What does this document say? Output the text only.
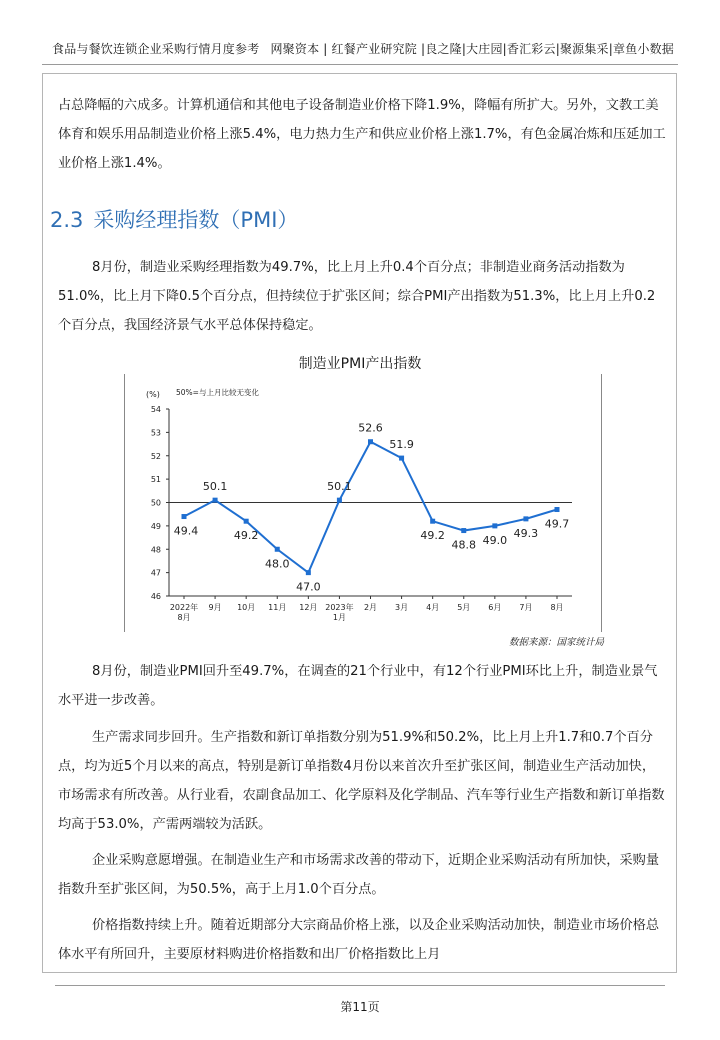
食品与餐饮连锁企业采购行情月度参考 网聚资本 | 红餐产业研究院 |良之隆|大庄园|香汇彩云|聚源集采|章鱼小数据

占总降幅的六成多。计算机通信和其他电子设备制造业价格下降1.9%，降幅有所扩大。另外，文教工美体育和娱乐用品制造业价格上涨5.4%，电力热力生产和供应业价格上涨1.7%，有色金属冶炼和压延加工业价格上涨1.4%。

2.3 采购经理指数（PMI）

8月份，制造业采购经理指数为49.7%，比上月上升0.4个百分点；非制造业商务活动指数为51.0%，比上月下降0.5个百分点，但持续位于扩张区间；综合PMI产出指数为51.3%，比上月上升0.2个百分点，我国经济景气水平总体保持稳定。

制造业PMI产出指数
(%) 50%=与上月比较无变化
46
47
48
49
50
51
52
53
54
2022年
8月
9月 10月 11月 12月 2023年
1月
2月 3月 4月 5月 6月 7月 8月
49.4
50.1
49.2
48.0
47.0
50.1
52.6
51.9
49.2
48.8 49.0
49.3
49.7
数据来源：国家统计局

8月份，制造业PMI回升至49.7%，在调查的21个行业中，有12个行业PMI环比上升，制造业景气水平进一步改善。

生产需求同步回升。生产指数和新订单指数分别为51.9%和50.2%，比上月上升1.7和0.7个百分点，均为近5个月以来的高点，特别是新订单指数4月份以来首次升至扩张区间，制造业生产活动加快，市场需求有所改善。从行业看，农副食品加工、化学原料及化学制品、汽车等行业生产指数和新订单指数均高于53.0%，产需两端较为活跃。

企业采购意愿增强。在制造业生产和市场需求改善的带动下，近期企业采购活动有所加快，采购量指数升至扩张区间，为50.5%，高于上月1.0个百分点。

价格指数持续上升。随着近期部分大宗商品价格上涨，以及企业采购活动加快，制造业市场价格总体水平有所回升，主要原材料购进价格指数和出厂价格指数比上月

第11页
